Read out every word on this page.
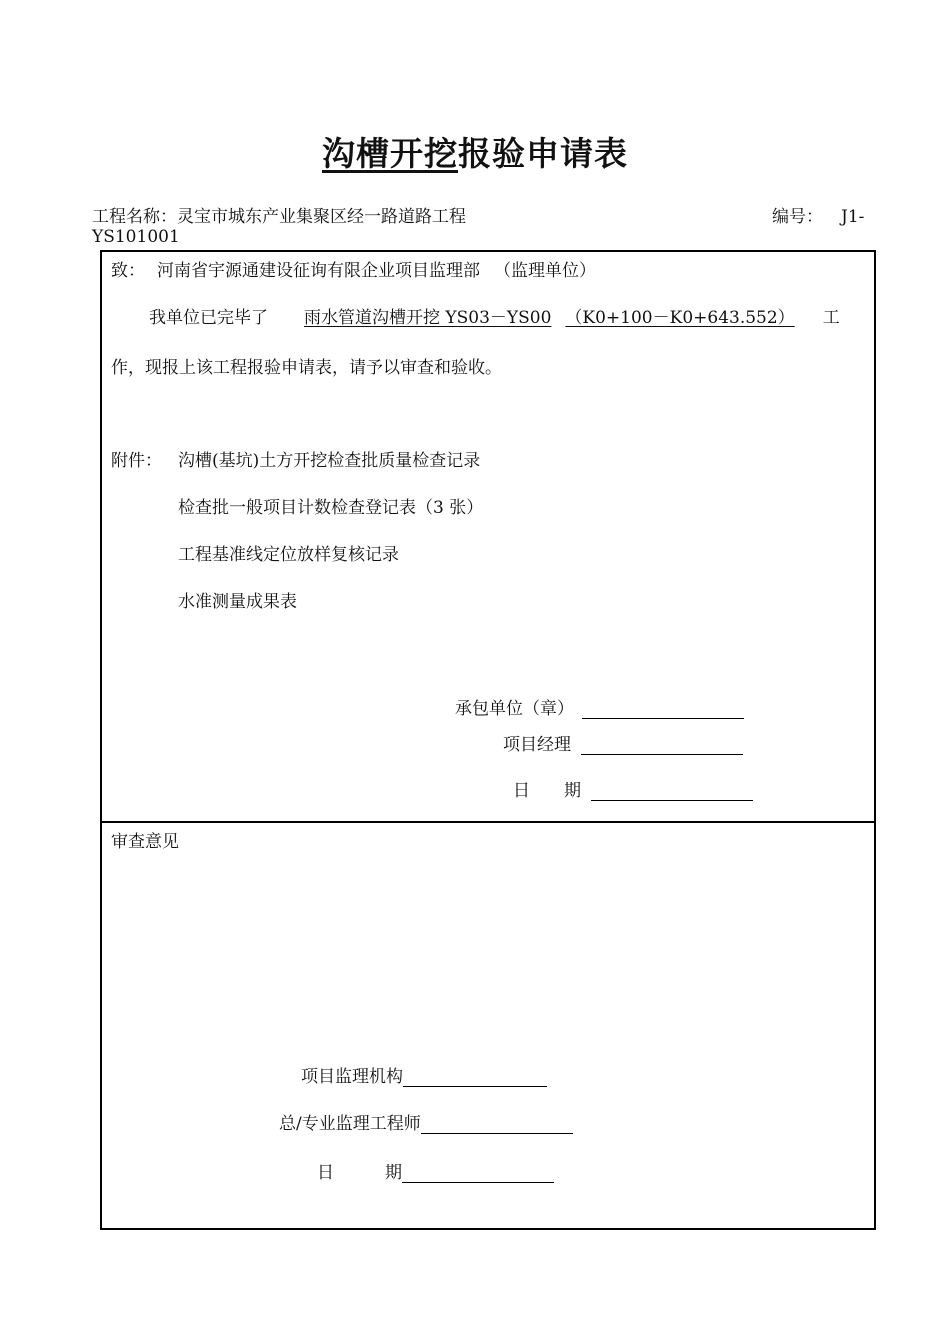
沟槽开挖报验申请表
工程名称：灵宝市城东产业集聚区经一路道路工程	编号： J1-
YS101001
致： 河南省宇源通建设征询有限企业项目监理部 （监理单位）
我单位已完毕了 雨水管道沟槽开挖 YS03－YS00 （K0+100－K0+643.552） 工
作，现报上该工程报验申请表，请予以审查和验收。
附件： 沟槽(基坑)土方开挖检查批质量检查记录
检查批一般项目计数检查登记表（3 张）
工程基准线定位放样复核记录
水准测量成果表
承包单位（章）
项目经理
日　　期
审查意见
项目监理机构
总/专业监理工程师
日　　　期
